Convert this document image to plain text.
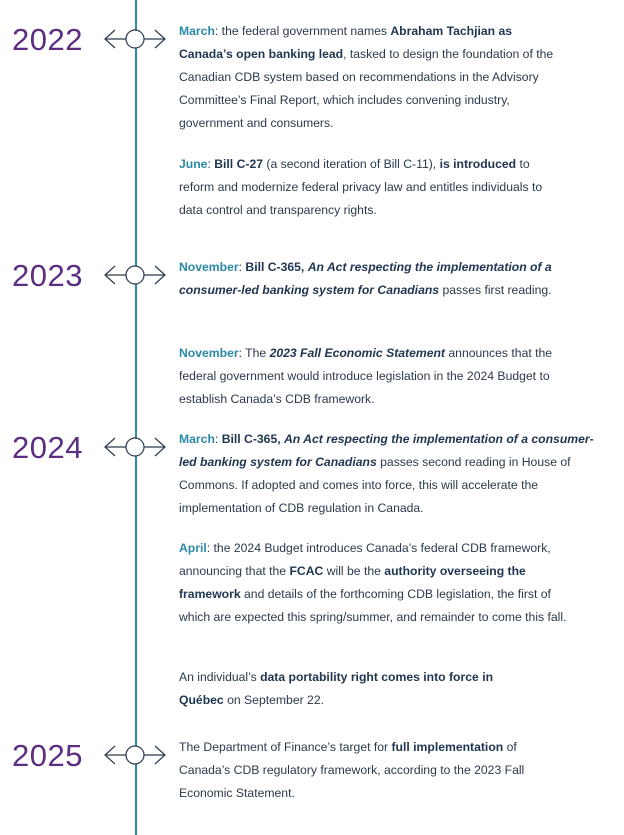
2022	March: the federal government names Abraham Tachjian as Canada’s open banking lead, tasked to design the foundation of the Canadian CDB system based on recommendations in the Advisory Committee’s Final Report, which includes convening industry, government and consumers.

June: Bill C-27 (a second iteration of Bill C-11), is introduced to reform and modernize federal privacy law and entitles individuals to data control and transparency rights.

2023	November: Bill C-365, An Act respecting the implementation of a consumer-led banking system for Canadians passes first reading.

November: The 2023 Fall Economic Statement announces that the federal government would introduce legislation in the 2024 Budget to establish Canada’s CDB framework.

2024	March: Bill C-365, An Act respecting the implementation of a consumer-led banking system for Canadians passes second reading in House of Commons. If adopted and comes into force, this will accelerate the implementation of CDB regulation in Canada.

April: the 2024 Budget introduces Canada’s federal CDB framework, announcing that the FCAC will be the authority overseeing the framework and details of the forthcoming CDB legislation, the first of which are expected this spring/summer, and remainder to come this fall.

An individual’s data portability right comes into force in Québec on September 22.

2025	The Department of Finance’s target for full implementation of Canada’s CDB regulatory framework, according to the 2023 Fall Economic Statement.
